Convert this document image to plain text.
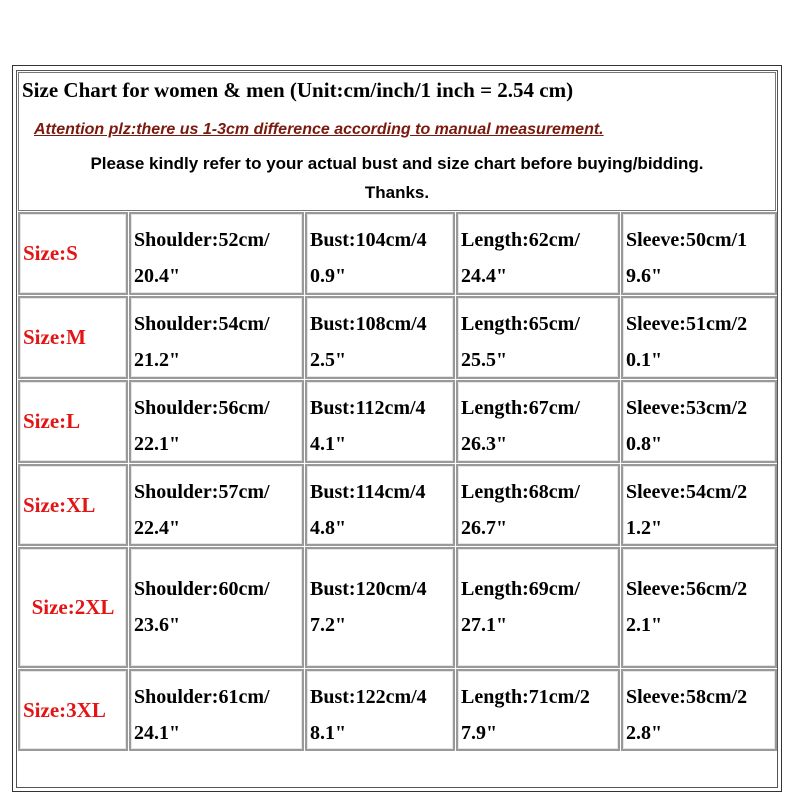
Size Chart for women & men (Unit:cm/inch/1 inch = 2.54 cm)
Attention plz:there us 1-3cm difference according to manual measurement.
Please kindly refer to your actual bust and size chart before buying/bidding.
Thanks.
Size:S
Shoulder:52cm/
20.4"
Bust:104cm/4
0.9"
Length:62cm/
24.4"
Sleeve:50cm/1
9.6"
Size:M
Shoulder:54cm/
21.2"
Bust:108cm/4
2.5"
Length:65cm/
25.5"
Sleeve:51cm/2
0.1"
Size:L
Shoulder:56cm/
22.1"
Bust:112cm/4
4.1"
Length:67cm/
26.3"
Sleeve:53cm/2
0.8"
Size:XL
Shoulder:57cm/
22.4"
Bust:114cm/4
4.8"
Length:68cm/
26.7"
Sleeve:54cm/2
1.2"
Size:2XL
Shoulder:60cm/
23.6"
Bust:120cm/4
7.2"
Length:69cm/
27.1"
Sleeve:56cm/2
2.1"
Size:3XL
Shoulder:61cm/
24.1"
Bust:122cm/4
8.1"
Length:71cm/2
7.9"
Sleeve:58cm/2
2.8"
